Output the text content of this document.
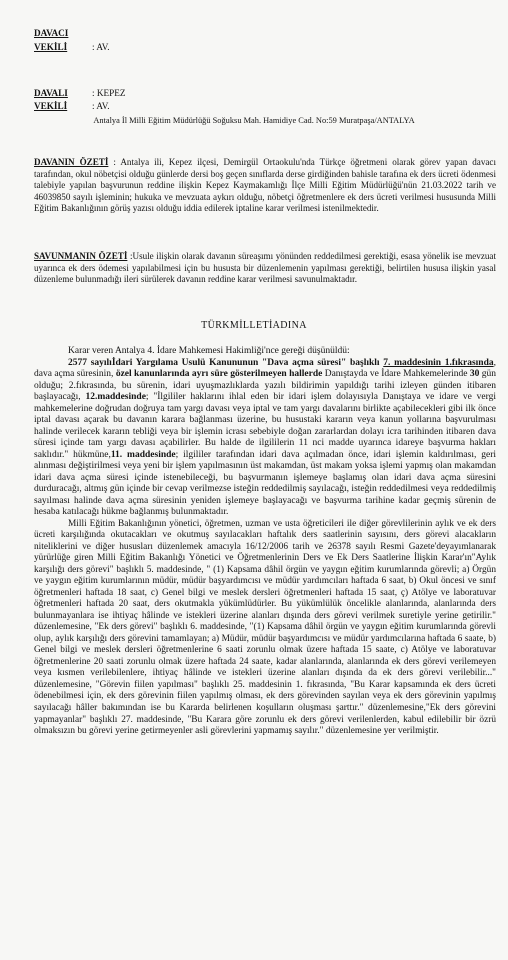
DAVACI
VEKİLİ	: AV.
DAVALI	: KEPEZ
VEKİLİ	: AV.
Antalya İl Milli Eğitim Müdürlüğü Soğuksu Mah. Hamidiye Cad. No:59 Muratpaşa/ANTALYA
DAVANIN ÖZETİ : Antalya ili, Kepez ilçesi, Demirgül Ortaokulu'nda Türkçe öğretmeni olarak görev yapan davacı tarafından, okul nöbetçisi olduğu günlerde dersi boş geçen sınıflarda derse girdiğinden bahisle tarafına ek ders ücreti ödenmesi talebiyle yapılan başvurunun reddine ilişkin Kepez Kaymakamlığı İlçe Milli Eğitim Müdürlüğü'nün 21.03.2022 tarih ve 46039850 sayılı işleminin; hukuka ve mevzuata aykırı olduğu, nöbetçi öğretmenlere ek ders ücreti verilmesi hususunda Milli Eğitim Bakanlığının görüş yazısı olduğu iddia edilerek iptaline karar verilmesi istenilmektedir.
SAVUNMANIN ÖZETİ :Usule ilişkin olarak davanın süreaşımı yönünden reddedilmesi gerektiği, esasa yönelik ise mevzuat uyarınca ek ders ödemesi yapılabilmesi için bu hususta bir düzenlemenin yapılması gerektiği, belirtilen hususa ilişkin yasal düzenleme bulunmadığı ileri sürülerek davanın reddine karar verilmesi savunulmaktadır.
TÜRKMİLLETİADINA

Karar veren Antalya 4. İdare Mahkemesi Hakimliği'nce gereği düşünüldü:

2577 sayılıİdari Yargılama Usulü Kanununun "Dava açma süresi" başlıklı 7. maddesinin 1.fıkrasında, dava açma süresinin, özel kanunlarında ayrı süre gösterilmeyen hallerde Danıştayda ve İdare Mahkemelerinde 30 gün olduğu; 2.fıkrasında, bu sürenin, idari uyuşmazlıklarda yazılı bildirimin yapıldığı tarihi izleyen günden itibaren başlayacağı, 12.maddesinde; "İlgililer haklarını ihlal eden bir idari işlem dolayısıyla Danıştaya ve idare ve vergi mahkemelerine doğrudan doğruya tam yargı davası veya iptal ve tam yargı davalarını birlikte açabilecekleri gibi ilk önce iptal davası açarak bu davanın karara bağlanması üzerine, bu husustaki kararın veya kanun yollarına başvurulması halinde verilecek kararın tebliği veya bir işlemin icrası sebebiyle doğan zararlardan dolayı icra tarihinden itibaren dava süresi içinde tam yargı davası açabilirler. Bu halde de ilgililerin 11 nci madde uyarınca idareye başvurma hakları saklıdır." hükmüne,11. maddesinde; ilgililer tarafından idari dava açılmadan önce, idari işlemin kaldırılması, geri alınması değiştirilmesi veya yeni bir işlem yapılmasının üst makamdan, üst makam yoksa işlemi yapmış olan makamdan idari dava açma süresi içinde istenebileceği, bu başvurmanın işlemeye başlamış olan idari dava açma süresini durduracağı, altmış gün içinde bir cevap verilmezse isteğin reddedilmiş sayılacağı, isteğin reddedilmesi veya reddedilmiş sayılması halinde dava açma süresinin yeniden işlemeye başlayacağı ve başvurma tarihine kadar geçmiş sürenin de hesaba katılacağı hükme bağlanmış bulunmaktadır.

Milli Eğitim Bakanlığının yönetici, öğretmen, uzman ve usta öğreticileri ile diğer görevlilerinin aylık ve ek ders ücreti karşılığında okutacakları ve okutmuş sayılacakları haftalık ders saatlerinin sayısını, ders görevi alacakların niteliklerini ve diğer hususları düzenlemek amacıyla 16/12/2006 tarih ve 26378 sayılı Resmi Gazete'deyayımlanarak yürürlüğe giren Milli Eğitim Bakanlığı Yönetici ve Öğretmenlerinin Ders ve Ek Ders Saatlerine İlişkin Karar'ın"Aylık karşılığı ders görevi" başlıklı 5. maddesinde, " (1) Kapsama dâhil örgün ve yaygın eğitim kurumlarında görevli; a) Örgün ve yaygın eğitim kurumlarının müdür, müdür başyardımcısı ve müdür yardımcıları haftada 6 saat, b) Okul öncesi ve sınıf öğretmenleri haftada 18 saat, c) Genel bilgi ve meslek dersleri öğretmenleri haftada 15 saat, ç) Atölye ve laboratuvar öğretmenleri haftada 20 saat, ders okutmakla yükümlüdürler. Bu yükümlülük öncelikle alanlarında, alanlarında ders bulunmayanlara ise ihtiyaç hâlinde ve istekleri üzerine alanları dışında ders görevi verilmek suretiyle yerine getirilir." düzenlemesine, "Ek ders görevi" başlıklı 6. maddesinde, "(1) Kapsama dâhil örgün ve yaygın eğitim kurumlarında görevli olup, aylık karşılığı ders görevini tamamlayan; a) Müdür, müdür başyardımcısı ve müdür yardımcılarına haftada 6 saate, b) Genel bilgi ve meslek dersleri öğretmenlerine 6 saati zorunlu olmak üzere haftada 15 saate, c) Atölye ve laboratuvar öğretmenlerine 20 saati zorunlu olmak üzere haftada 24 saate, kadar alanlarında, alanlarında ek ders görevi verilemeyen veya kısmen verilebilenlere, ihtiyaç hâlinde ve istekleri üzerine alanları dışında da ek ders görevi verilebilir..." düzenlemesine, "Görevin fiilen yapılması" başlıklı 25. maddesinin 1. fıkrasında, "Bu Karar kapsamında ek ders ücreti ödenebilmesi için, ek ders görevinin fiilen yapılmış olması, ek ders görevinden sayılan veya ek ders görevinin yapılmış sayılacağı hâller bakımından ise bu Kararda belirlenen koşulların oluşması şarttır." düzenlemesine,"Ek ders görevini yapmayanlar" başlıklı 27. maddesinde, "Bu Karara göre zorunlu ek ders görevi verilenlerden, kabul edilebilir bir özrü olmaksızın bu görevi yerine getirmeyenler asli görevlerini yapmamış sayılır." düzenlemesine yer verilmiştir.
